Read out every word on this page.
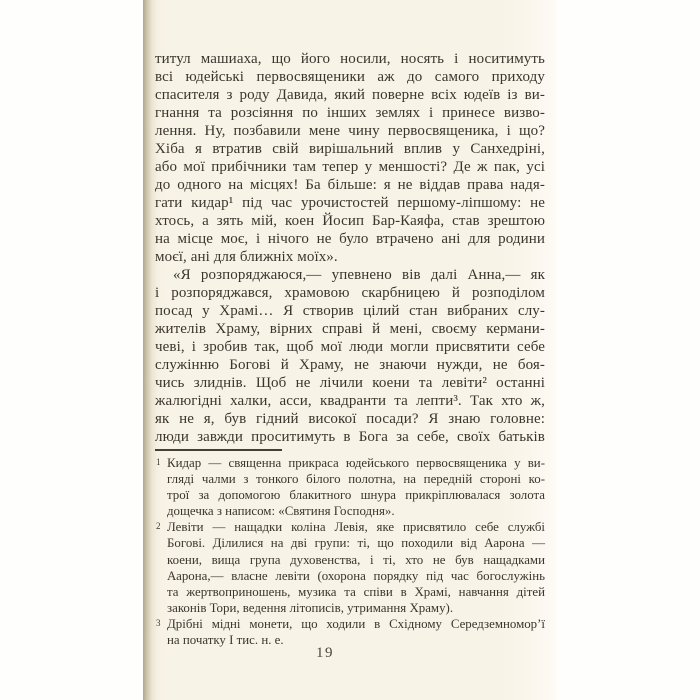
титул машиаха, що його носили, носять і носитимуть
всі юдейські первосвященики аж до самого приходу
спасителя з роду Давида, який поверне всіх юдеїв із ви-
гнання та розсіяння по інших землях і принесе визво-
лення. Ну, позбавили мене чину первосвященика, і що?
Хіба я втратив свій вирішальний вплив у Санхедріні,
або мої прибічники там тепер у меншості? Де ж пак, усі
до одного на місцях! Ба більше: я не віддав права надя-
гати кидар¹ під час урочистостей першому-ліпшому: не
хтось, а зять мій, коен Йосип Бар-Каяфа, став зрештою
на місце моє, і нічого не було втрачено ані для родини
моєї, ані для ближніх моїх».
«Я розпоряджаюся,— упевнено вів далі Анна,— як
і розпоряджався, храмовою скарбницею й розподілом
посад у Храмі… Я створив цілий стан вибраних слу-
жителів Храму, вірних справі й мені, своєму кермани-
чеві, і зробив так, щоб мої люди могли присвятити себе
служінню Богові й Храму, не знаючи нужди, не боя-
чись злиднів. Щоб не лічили коени та левіти² останні
жалюгідні халки, асси, квадранти та лепти³. Так хто ж,
як не я, був гідний високої посади? Я знаю головне:
люди завжди проситимуть в Бога за себе, своїх батьків
1 Кидар — священна прикраса юдейського первосвященика у ви-
гляді чалми з тонкого білого полотна, на передній стороні ко-
трої за допомогою блакитного шнура прикріплювалася золота
дощечка з написом: «Святиня Господня».
2 Левіти — нащадки коліна Левія, яке присвятило себе службі
Богові. Ділилися на дві групи: ті, що походили від Аарона —
коени, вища група духовенства, і ті, хто не був нащадками
Аарона,— власне левіти (охорона порядку під час богослужінь
та жертвоприношень, музика та співи в Храмі, навчання дітей
законів Тори, ведення літописів, утримання Храму).
3 Дрібні мідні монети, що ходили в Східному Середземномор’ї
на початку I тис. н. е.
19
